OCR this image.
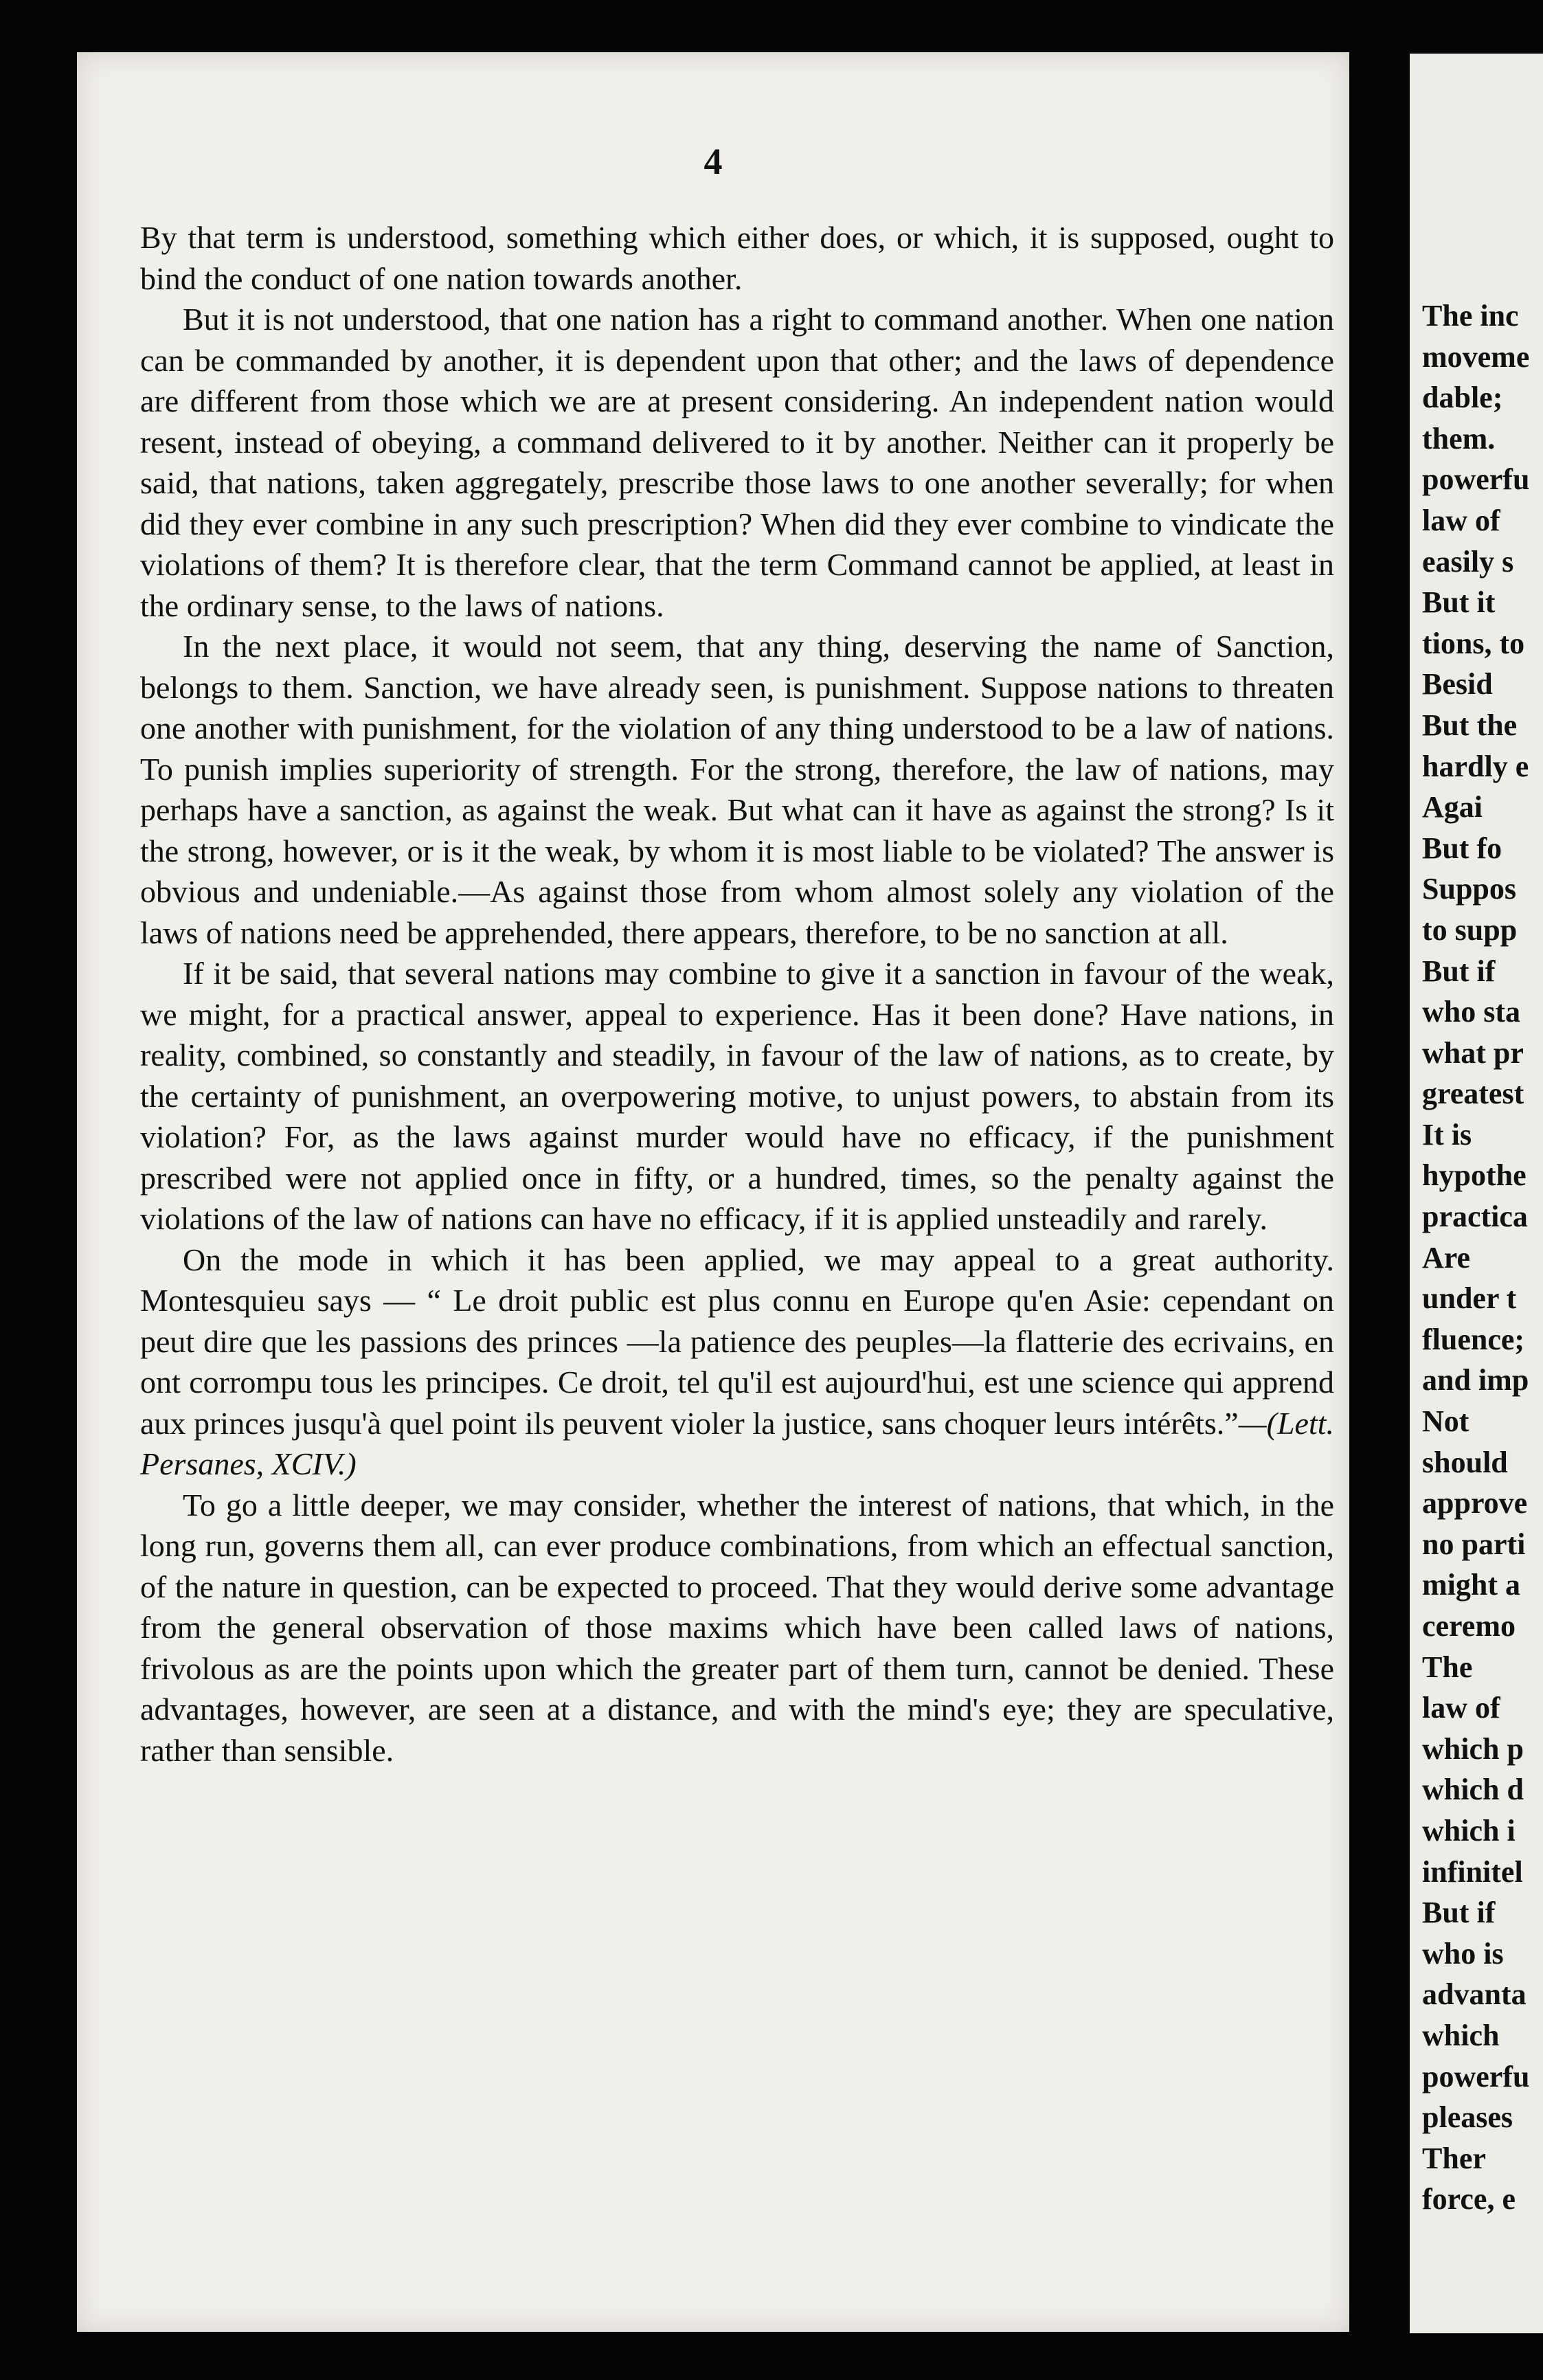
4

By that term is understood, something which either does, or which, it is supposed, ought to bind the conduct of one nation towards another.

But it is not understood, that one nation has a right to command another. When one nation can be commanded by another, it is dependent upon that other; and the laws of dependence are different from those which we are at present considering. An independent nation would resent, instead of obeying, a command delivered to it by another. Neither can it properly be said, that nations, taken aggregately, prescribe those laws to one another severally; for when did they ever combine in any such prescription? When did they ever combine to vindicate the violations of them? It is therefore clear, that the term Command cannot be applied, at least in the ordinary sense, to the laws of nations.

In the next place, it would not seem, that any thing, deserving the name of Sanction, belongs to them. Sanction, we have already seen, is punishment. Suppose nations to threaten one another with punishment, for the violation of any thing understood to be a law of nations. To punish implies superiority of strength. For the strong, therefore, the law of nations, may perhaps have a sanction, as against the weak. But what can it have as against the strong? Is it the strong, however, or is it the weak, by whom it is most liable to be violated? The answer is obvious and undeniable.—As against those from whom almost solely any violation of the laws of nations need be apprehended, there appears, therefore, to be no sanction at all.

If it be said, that several nations may combine to give it a sanction in favour of the weak, we might, for a practical answer, appeal to experience. Has it been done? Have nations, in reality, combined, so constantly and steadily, in favour of the law of nations, as to create, by the certainty of punishment, an overpowering motive, to unjust powers, to abstain from its violation? For, as the laws against murder would have no efficacy, if the punishment prescribed were not applied once in fifty, or a hundred, times, so the penalty against the violations of the law of nations can have no efficacy, if it is applied unsteadily and rarely.

On the mode in which it has been applied, we may appeal to a great authority. Montesquieu says — “ Le droit public est plus connu en Europe qu'en Asie: cependant on peut dire que les passions des princes —la patience des peuples—la flatterie des ecrivains, en ont corrompu tous les principes. Ce droit, tel qu'il est aujourd'hui, est une science qui apprend aux princes jusqu'à quel point ils peuvent violer la justice, sans choquer leurs intérêts.”—(Lett. Persanes, XCIV.)

To go a little deeper, we may consider, whether the interest of nations, that which, in the long run, governs them all, can ever produce combinations, from which an effectual sanction, of the nature in question, can be expected to proceed. That they would derive some advantage from the general observation of those maxims which have been called laws of nations, frivolous as are the points upon which the greater part of them turn, cannot be denied. These advantages, however, are seen at a distance, and with the mind's eye; they are speculative, rather than sensible.

The inc
moveme
dable;
them.
powerfu
law of
easily s
But it
tions, to
Besid
But the
hardly e
Agai
But fo
Suppos
to supp
But if
who sta
what pr
greatest
It is
hypothe
practica
Are
under t
fluence;
and imp
Not
should
approve
no parti
might a
ceremo
The
law of
which p
which d
which i
infinitel
But if
who is
advanta
which
powerfu
pleases
Ther
force, e
